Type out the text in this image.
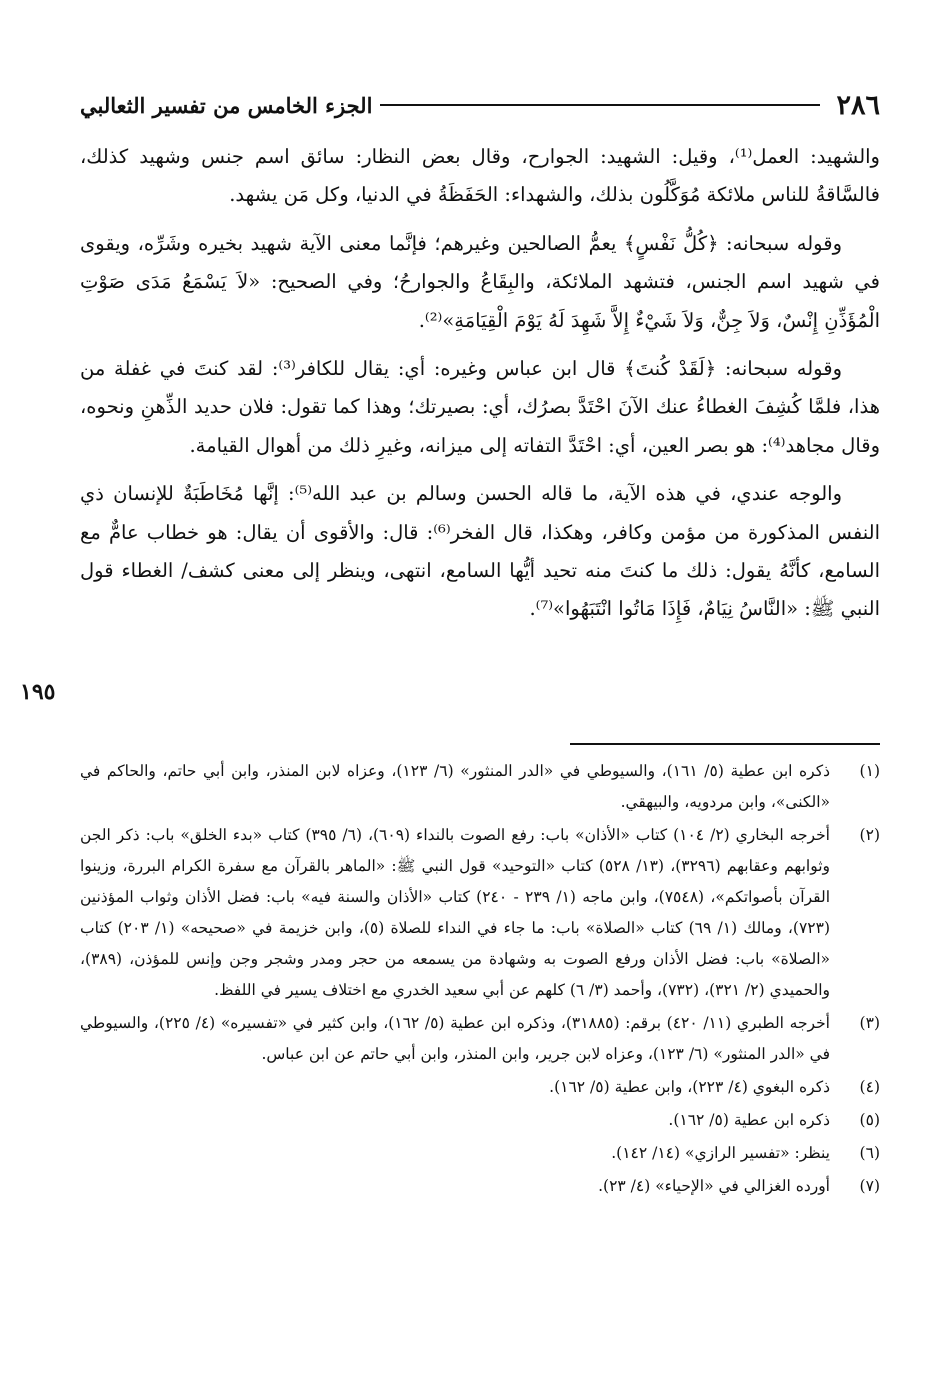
٢٨٦
الجزء الخامس من تفسير الثعالبي

والشهيد: العمل⁽¹⁾، وقيل: الشهيد: الجوارح، وقال بعض النظار: سائق اسم جنس وشهيد كذلك، فالسَّاقةُ للناس ملائكة مُوَكَّلُون بذلك، والشهداء: الحَفَظَةُ في الدنيا، وكل مَن يشهد.

وقوله سبحانه: ﴿كُلُّ نَفْسٍ﴾ يعمُّ الصالحين وغيرهم؛ فإنَّما معنى الآية شهيد بخيره وشَرِّه، ويقوى في شهيد اسم الجنس، فتشهد الملائكة، والبِقَاعُ والجوارحُ؛ وفي الصحيح: «لاَ يَسْمَعُ مَدَى صَوْتِ الْمُؤَذِّنِ إِنْسٌ، وَلاَ جِنٌّ، وَلاَ شَيْءٌ إِلاَّ شَهِدَ لَهُ يَوْمَ الْقِيَامَةِ»⁽²⁾.

وقوله سبحانه: ﴿لَقَدْ كُنتَ﴾ قال ابن عباس وغيره: أي: يقال للكافر⁽³⁾: لقد كنتَ في غفلة من هذا، فلمَّا كُشِفَ الغطاءُ عنك الآنَ احْتَدَّ بصرُك، أي: بصيرتك؛ وهذا كما تقول: فلان حديد الذِّهنِ ونحوه، وقال مجاهد⁽⁴⁾: هو بصر العين، أي: احْتَدَّ التفاته إلى ميزانه، وغيرِ ذلك من أهوال القيامة.

والوجه عندي، في هذه الآية، ما قاله الحسن وسالم بن عبد الله⁽⁵⁾: إنَّها مُخَاطَبَةٌ للإنسان ذي النفس المذكورة من مؤمن وكافر، وهكذا، قال الفخر⁽⁶⁾: قال: والأقوى أن يقال: هو خطاب عامٌّ مع السامع، كأنَّهُ يقول: ذلك ما كنتَ منه تحيد أيُّها السامع، انتهى، وينظر إلى معنى كشف/ الغطاء قول النبي ﷺ: «النَّاسُ نِيَامٌ، فَإِذَا مَاتُوا انْتَبَهُوا»⁽⁷⁾.

١٩٥
(١)
ذكره ابن عطية (٥/ ١٦١)، والسيوطي في «الدر المنثور» (٦/ ١٢٣)، وعزاه لابن المنذر، وابن أبي حاتم، والحاكم في «الكنى»، وابن مردويه، والبيهقي.
(٢)
أخرجه البخاري (٢/ ١٠٤) كتاب «الأذان» باب: رفع الصوت بالنداء (٦٠٩)، (٦/ ٣٩٥) كتاب «بدء الخلق» باب: ذكر الجن وثوابهم وعقابهم (٣٢٩٦)، (١٣/ ٥٢٨) كتاب «التوحيد» قول النبي ﷺ: «الماهر بالقرآن مع سفرة الكرام البررة، وزينوا القرآن بأصواتكم»، (٧٥٤٨)، وابن ماجه (١/ ٢٣٩ - ٢٤٠) كتاب «الأذان والسنة فيه» باب: فضل الأذان وثواب المؤذنين (٧٢٣)، ومالك (١/ ٦٩) كتاب «الصلاة» باب: ما جاء في النداء للصلاة (٥)، وابن خزيمة في «صحيحه» (١/ ٢٠٣) كتاب «الصلاة» باب: فضل الأذان ورفع الصوت به وشهادة من يسمعه من حجر ومدر وشجر وجن وإنس للمؤذن، (٣٨٩)، والحميدي (٢/ ٣٢١)، (٧٣٢)، وأحمد (٣/ ٦) كلهم عن أبي سعيد الخدري مع اختلاف يسير في اللفظ.
(٣)
أخرجه الطبري (١١/ ٤٢٠) برقم: (٣١٨٨٥)، وذكره ابن عطية (٥/ ١٦٢)، وابن كثير في «تفسيره» (٤/ ٢٢٥)، والسيوطي في «الدر المنثور» (٦/ ١٢٣)، وعزاه لابن جرير، وابن المنذر، وابن أبي حاتم عن ابن عباس.
(٤)
ذكره البغوي (٤/ ٢٢٣)، وابن عطية (٥/ ١٦٢).
(٥)
ذكره ابن عطية (٥/ ١٦٢).
(٦)
ينظر: «تفسير الرازي» (١٤/ ١٤٢).
(٧)
أورده الغزالي في «الإحياء» (٤/ ٢٣).
